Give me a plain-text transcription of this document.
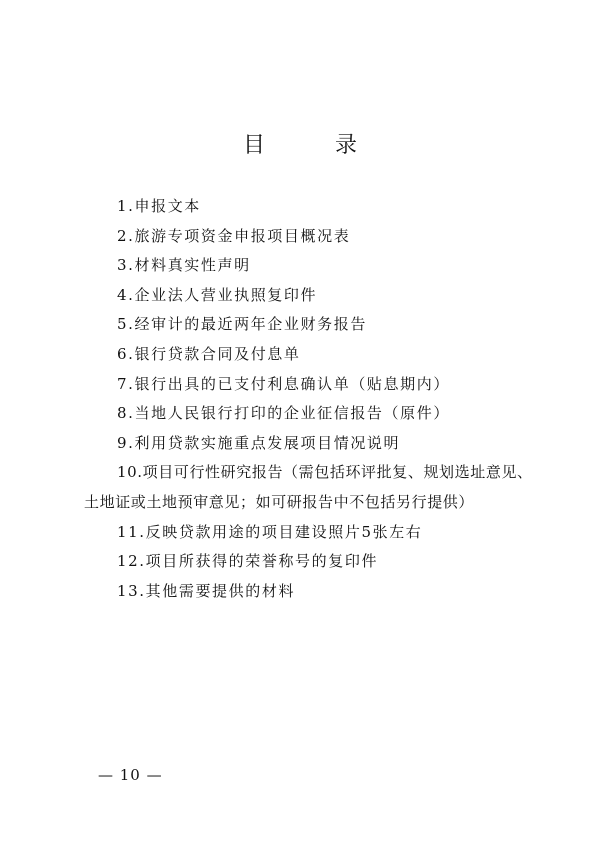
目　录
1.申报文本
2.旅游专项资金申报项目概况表
3.材料真实性声明
4.企业法人营业执照复印件
5.经审计的最近两年企业财务报告
6.银行贷款合同及付息单
7.银行出具的已支付利息确认单（贴息期内）
8.当地人民银行打印的企业征信报告（原件）
9.利用贷款实施重点发展项目情况说明
10.项目可行性研究报告（需包括环评批复、规划选址意见、土地证或土地预审意见；如可研报告中不包括另行提供）
11.反映贷款用途的项目建设照片5张左右
12.项目所获得的荣誉称号的复印件
13.其他需要提供的材料
— 10 —
